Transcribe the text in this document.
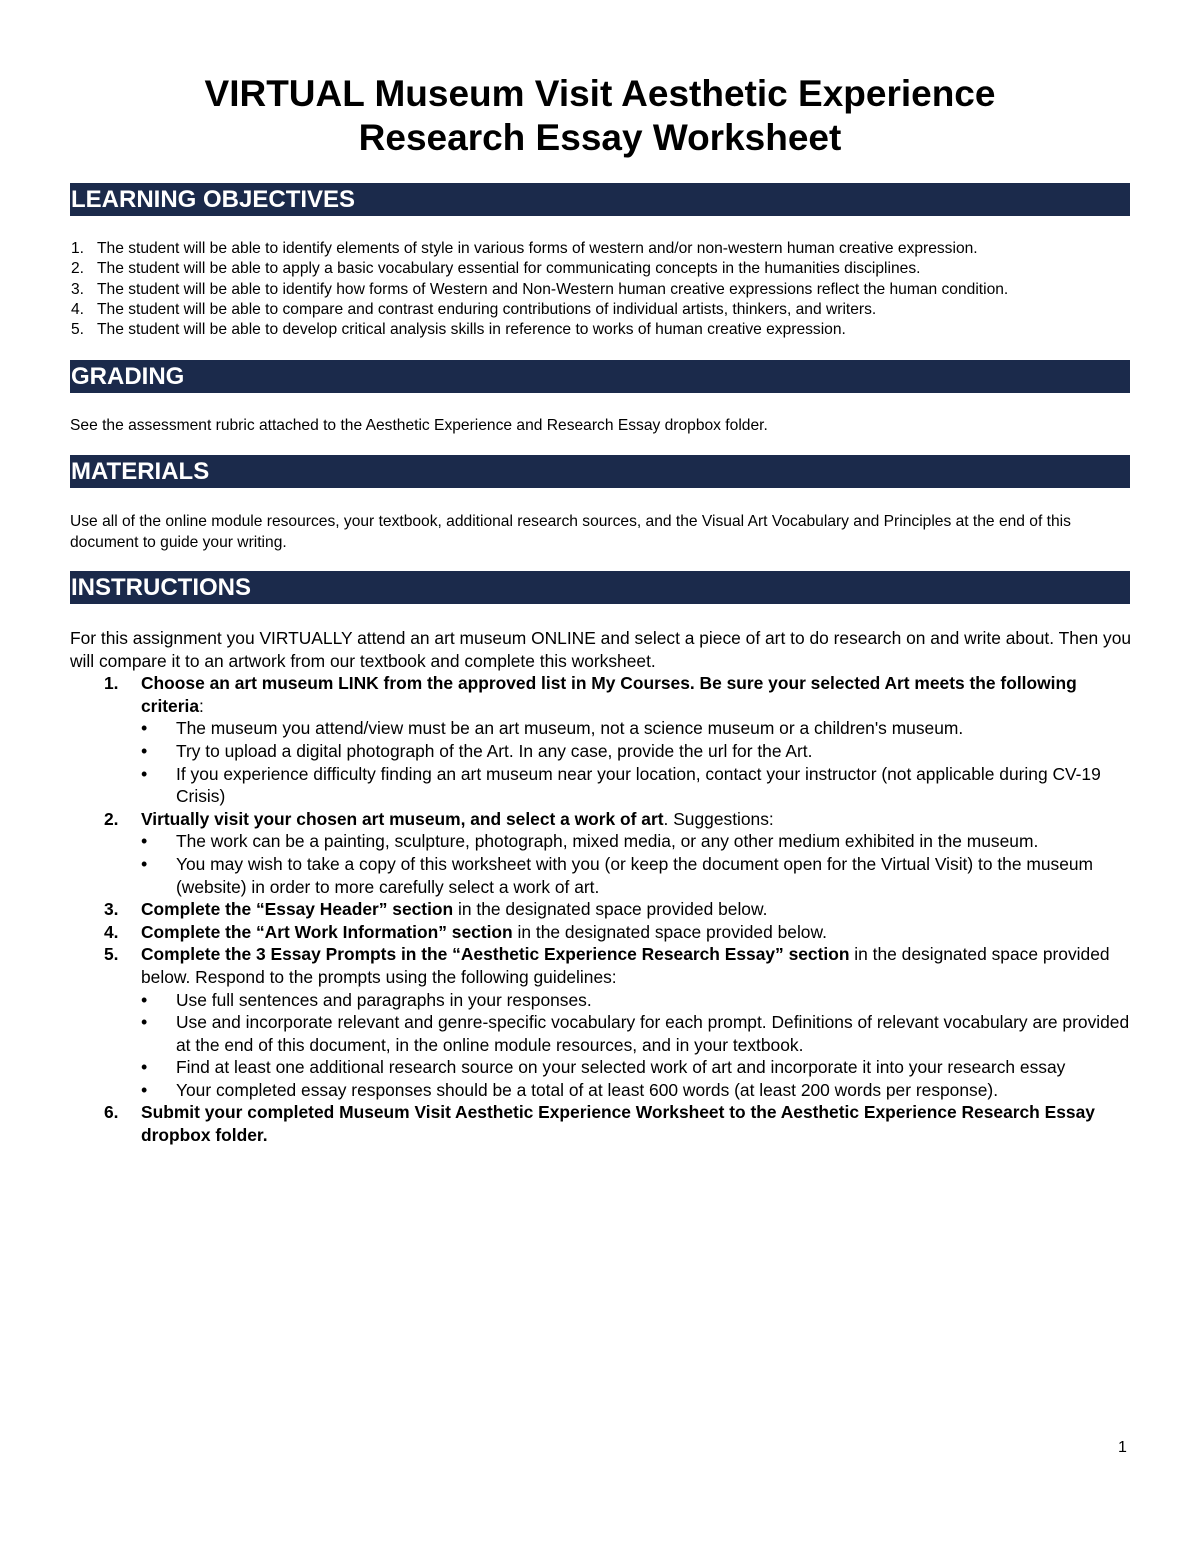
VIRTUAL Museum Visit Aesthetic Experience
Research Essay Worksheet
LEARNING OBJECTIVES
1. The student will be able to identify elements of style in various forms of western and/or non-western human creative expression.
2. The student will be able to apply a basic vocabulary essential for communicating concepts in the humanities disciplines.
3. The student will be able to identify how forms of Western and Non-Western human creative expressions reflect the human condition.
4. The student will be able to compare and contrast enduring contributions of individual artists, thinkers, and writers.
5. The student will be able to develop critical analysis skills in reference to works of human creative expression.
GRADING
See the assessment rubric attached to the Aesthetic Experience and Research Essay dropbox folder.
MATERIALS
Use all of the online module resources, your textbook, additional research sources, and the Visual Art Vocabulary and Principles at the end of this document to guide your writing.
INSTRUCTIONS

For this assignment you VIRTUALLY attend an art museum ONLINE and select a piece of art to do research on and write about. Then you will compare it to an artwork from our textbook and complete this worksheet.

1. Choose an art museum LINK from the approved list in My Courses. Be sure your selected Art meets the following criteria:
• The museum you attend/view must be an art museum, not a science museum or a children's museum.
• Try to upload a digital photograph of the Art. In any case, provide the url for the Art.
• If you experience difficulty finding an art museum near your location, contact your instructor (not applicable during CV-19 Crisis)
2. Virtually visit your chosen art museum, and select a work of art. Suggestions:
• The work can be a painting, sculpture, photograph, mixed media, or any other medium exhibited in the museum.
• You may wish to take a copy of this worksheet with you (or keep the document open for the Virtual Visit) to the museum (website) in order to more carefully select a work of art.
3. Complete the “Essay Header” section in the designated space provided below.
4. Complete the “Art Work Information” section in the designated space provided below.
5. Complete the 3 Essay Prompts in the “Aesthetic Experience Research Essay” section in the designated space provided below. Respond to the prompts using the following guidelines:
• Use full sentences and paragraphs in your responses.
• Use and incorporate relevant and genre-specific vocabulary for each prompt. Definitions of relevant vocabulary are provided at the end of this document, in the online module resources, and in your textbook.
• Find at least one additional research source on your selected work of art and incorporate it into your research essay
• Your completed essay responses should be a total of at least 600 words (at least 200 words per response).
6. Submit your completed Museum Visit Aesthetic Experience Worksheet to the Aesthetic Experience Research Essay dropbox folder.
1
